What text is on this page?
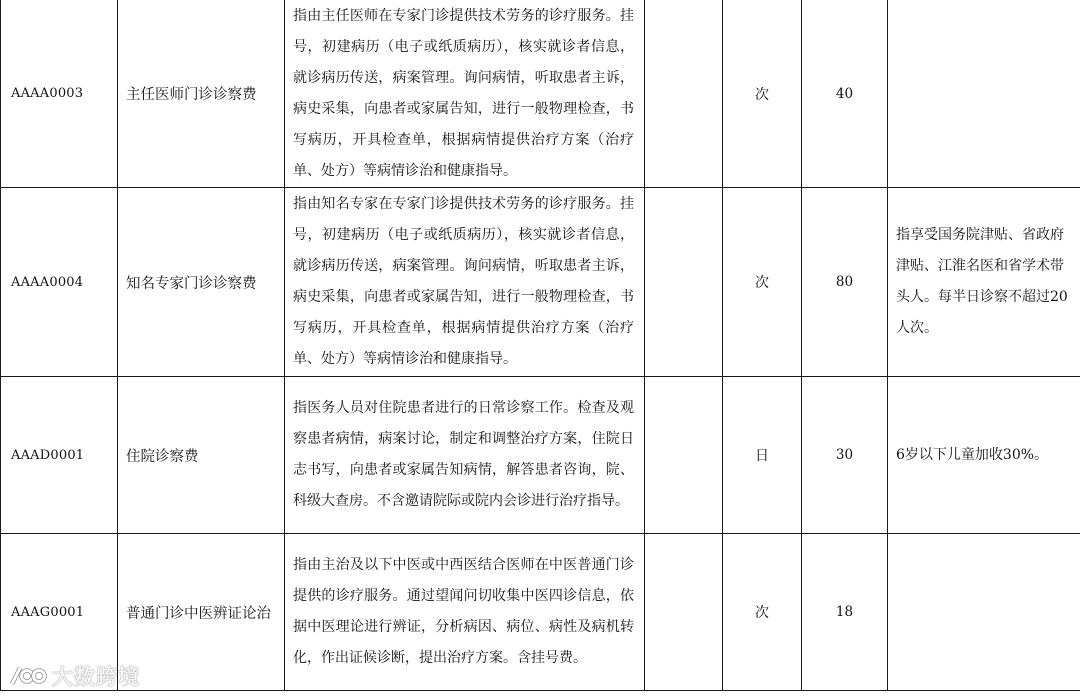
AAAA0003	主任医师门诊诊察费	指由主任医师在专家门诊提供技术劳务的诊疗服务。挂号，初建病历（电子或纸质病历），核实就诊者信息，就诊病历传送，病案管理。询问病情，听取患者主诉，病史采集，向患者或家属告知，进行一般物理检查，书写病历，开具检查单，根据病情提供治疗方案（治疗单、处方）等病情诊治和健康指导。		次	40	
AAAA0004	知名专家门诊诊察费	指由知名专家在专家门诊提供技术劳务的诊疗服务。挂号，初建病历（电子或纸质病历），核实就诊者信息，就诊病历传送，病案管理。询问病情，听取患者主诉，病史采集，向患者或家属告知，进行一般物理检查，书写病历，开具检查单，根据病情提供治疗方案（治疗单、处方）等病情诊治和健康指导。		次	80	指享受国务院津贴、省政府津贴、江淮名医和省学术带头人。每半日诊察不超过20人次。
AAAD0001	住院诊察费	指医务人员对住院患者进行的日常诊察工作。检查及观察患者病情，病案讨论，制定和调整治疗方案，住院日志书写，向患者或家属告知病情，解答患者咨询，院、科级大查房。不含邀请院际或院内会诊进行治疗指导。		日	30	6岁以下儿童加收30%。
AAAG0001	普通门诊中医辨证论治	指由主治及以下中医或中西医结合医师在中医普通门诊提供的诊疗服务。通过望闻问切收集中医四诊信息，依据中医理论进行辨证，分析病因、病位、病性及病机转化，作出证候诊断，提出治疗方案。含挂号费。		次	18	
大数跨境
